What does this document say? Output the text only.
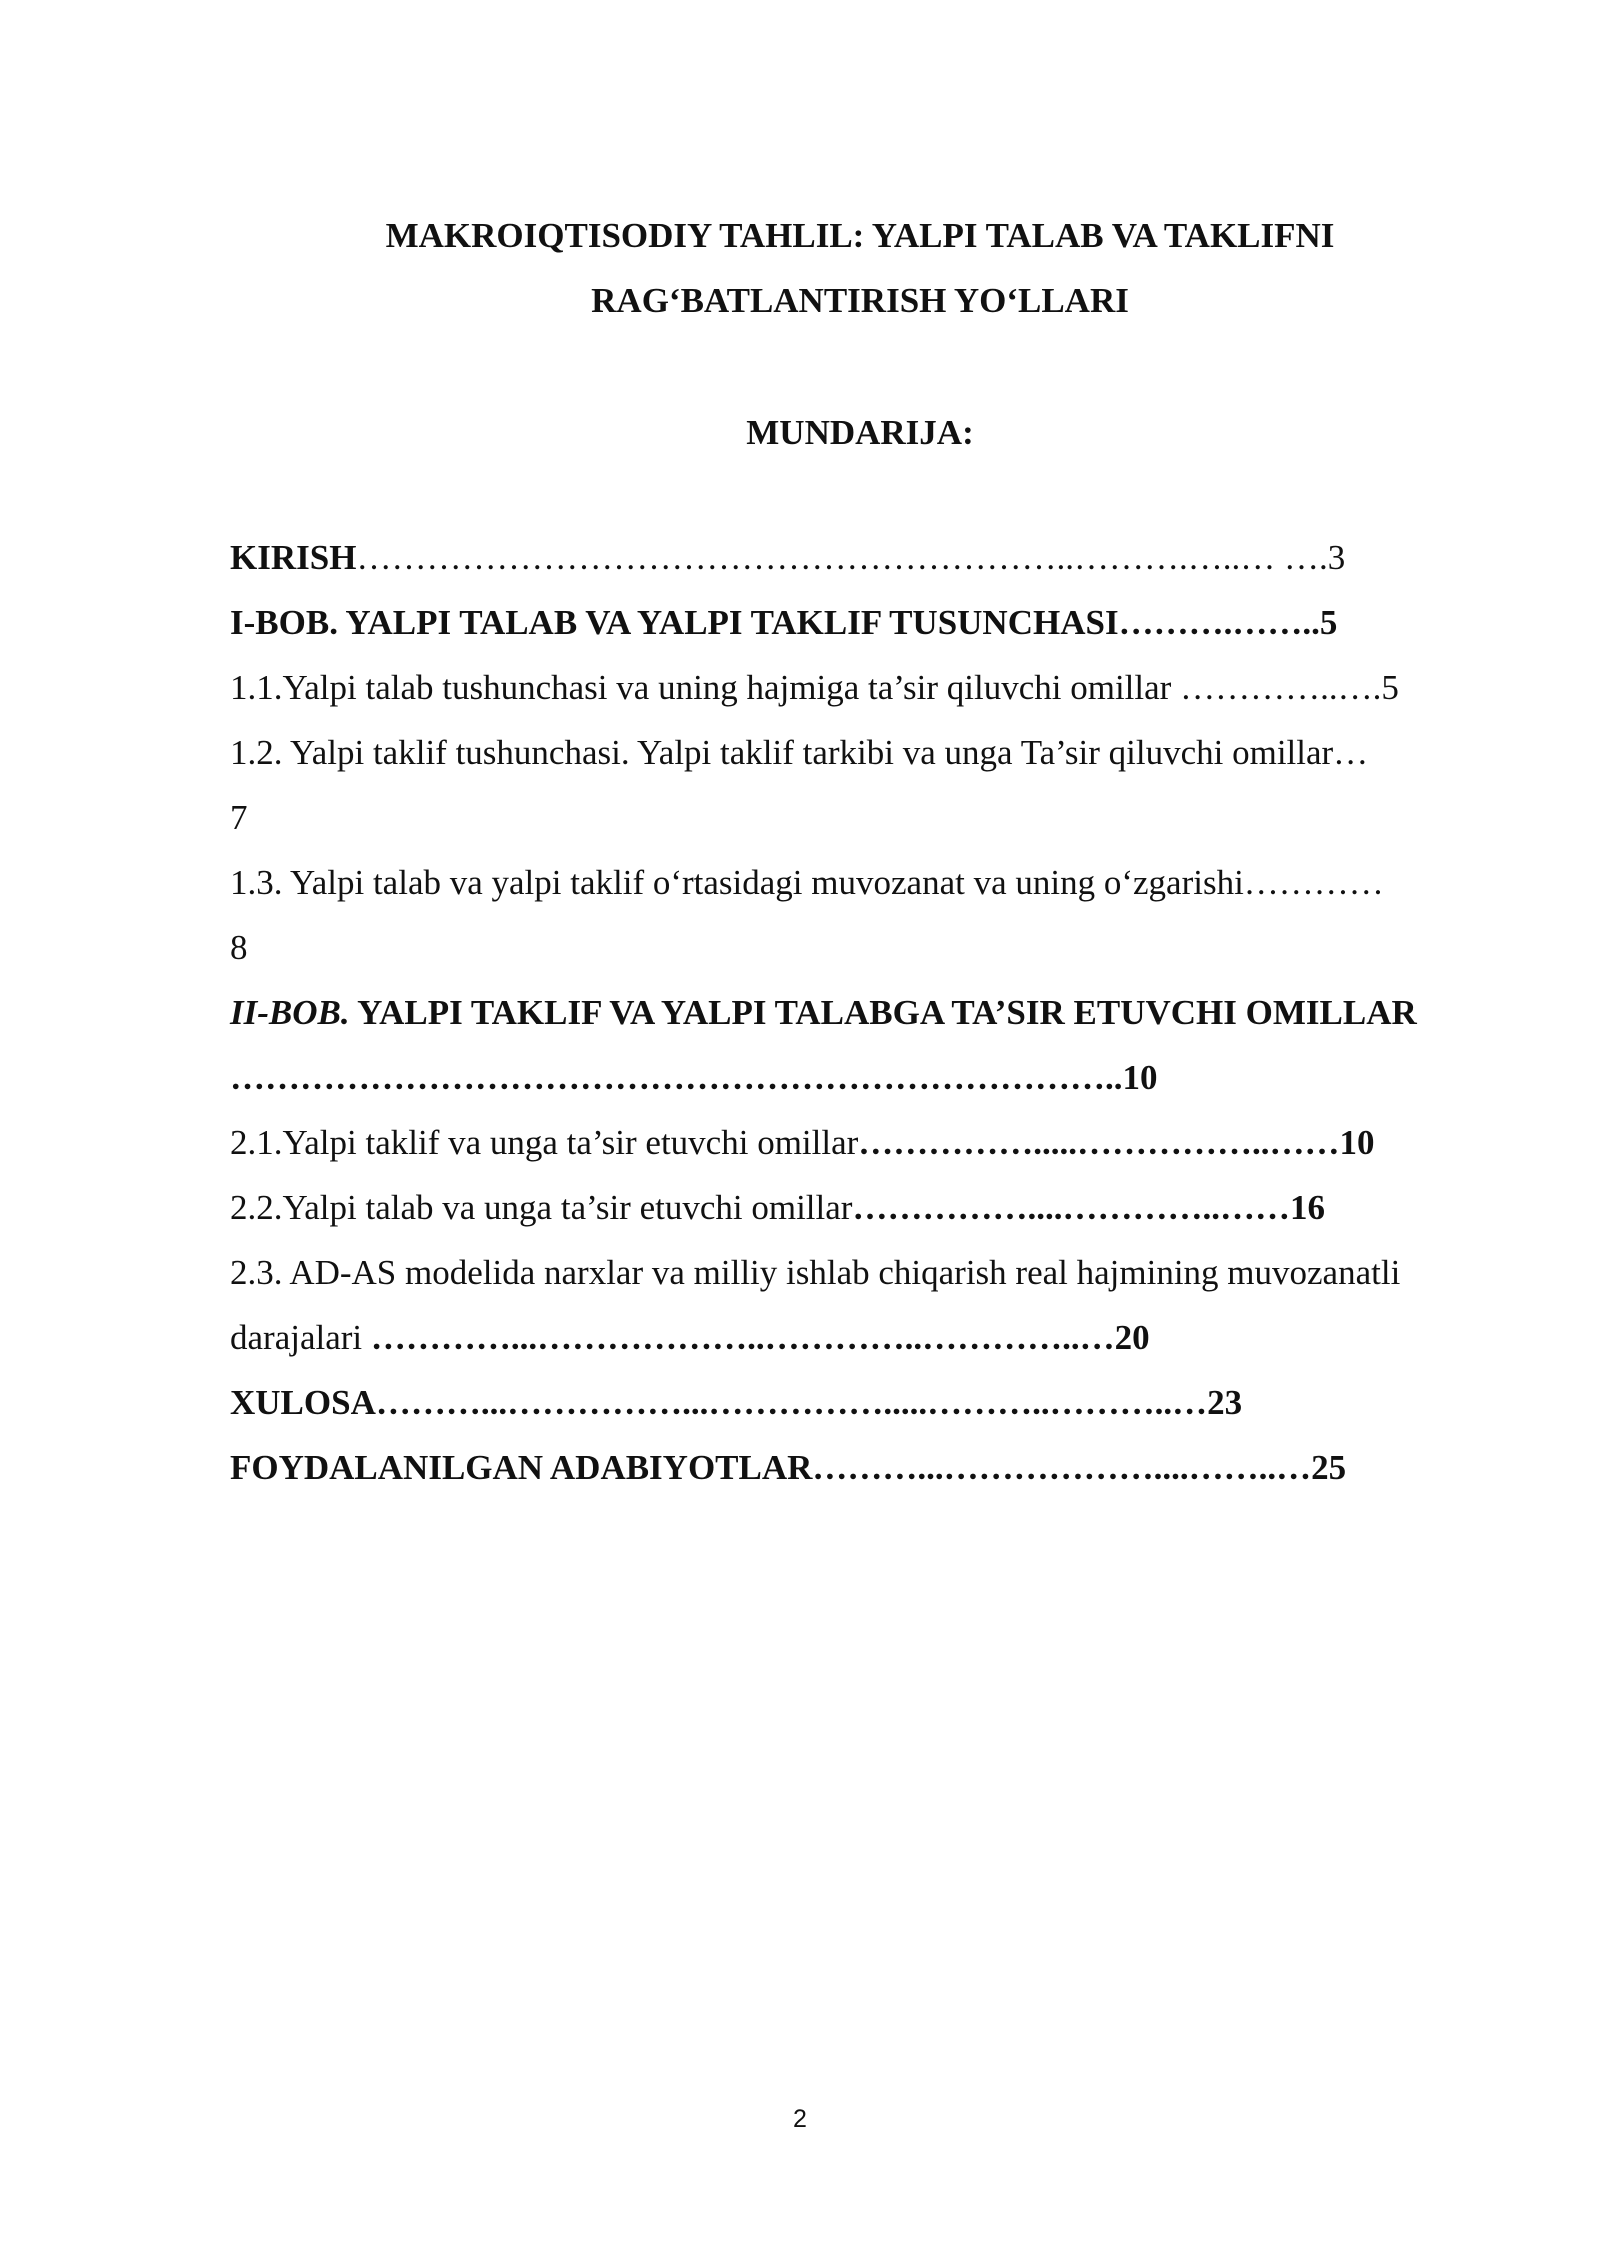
MAKROIQTISODIY TAHLIL: YALPI TALAB VA TAKLIFNI
RAG‘BATLANTIRISH YO‘LLARI
MUNDARIJA:

KIRISH……………………………………………………..……….…..… ….3

I-BOB. YALPI TALAB VA YALPI TAKLIF TUSUNCHASI……….……..5

1.1.Yalpi talab tushunchasi va uning hajmiga ta’sir qiluvchi omillar …………..….5

1.2. Yalpi taklif tushunchasi. Yalpi taklif tarkibi va unga Ta’sir qiluvchi omillar…
7

1.3. Yalpi talab va yalpi taklif o‘rtasidagi muvozanat va uning o‘zgarishi…………
8

II-BOB. YALPI TAKLIF VA YALPI TALABGA TA’SIR ETUVCHI OMILLAR
…………………………………………………………………..10

2.1.Yalpi taklif va unga ta’sir etuvchi omillar…………….....……………..……10

2.2.Yalpi talab va unga ta’sir etuvchi omillar……………....…………..……16

2.3. AD-AS modelida narxlar va milliy ishlab chiqarish real hajmining muvozanatli darajalari …………...………………..…………..…………..…20

XULOSA………...……………...…………….....………..………..…23

FOYDALANILGAN ADABIYOTLAR………...………………....……..…25

2
